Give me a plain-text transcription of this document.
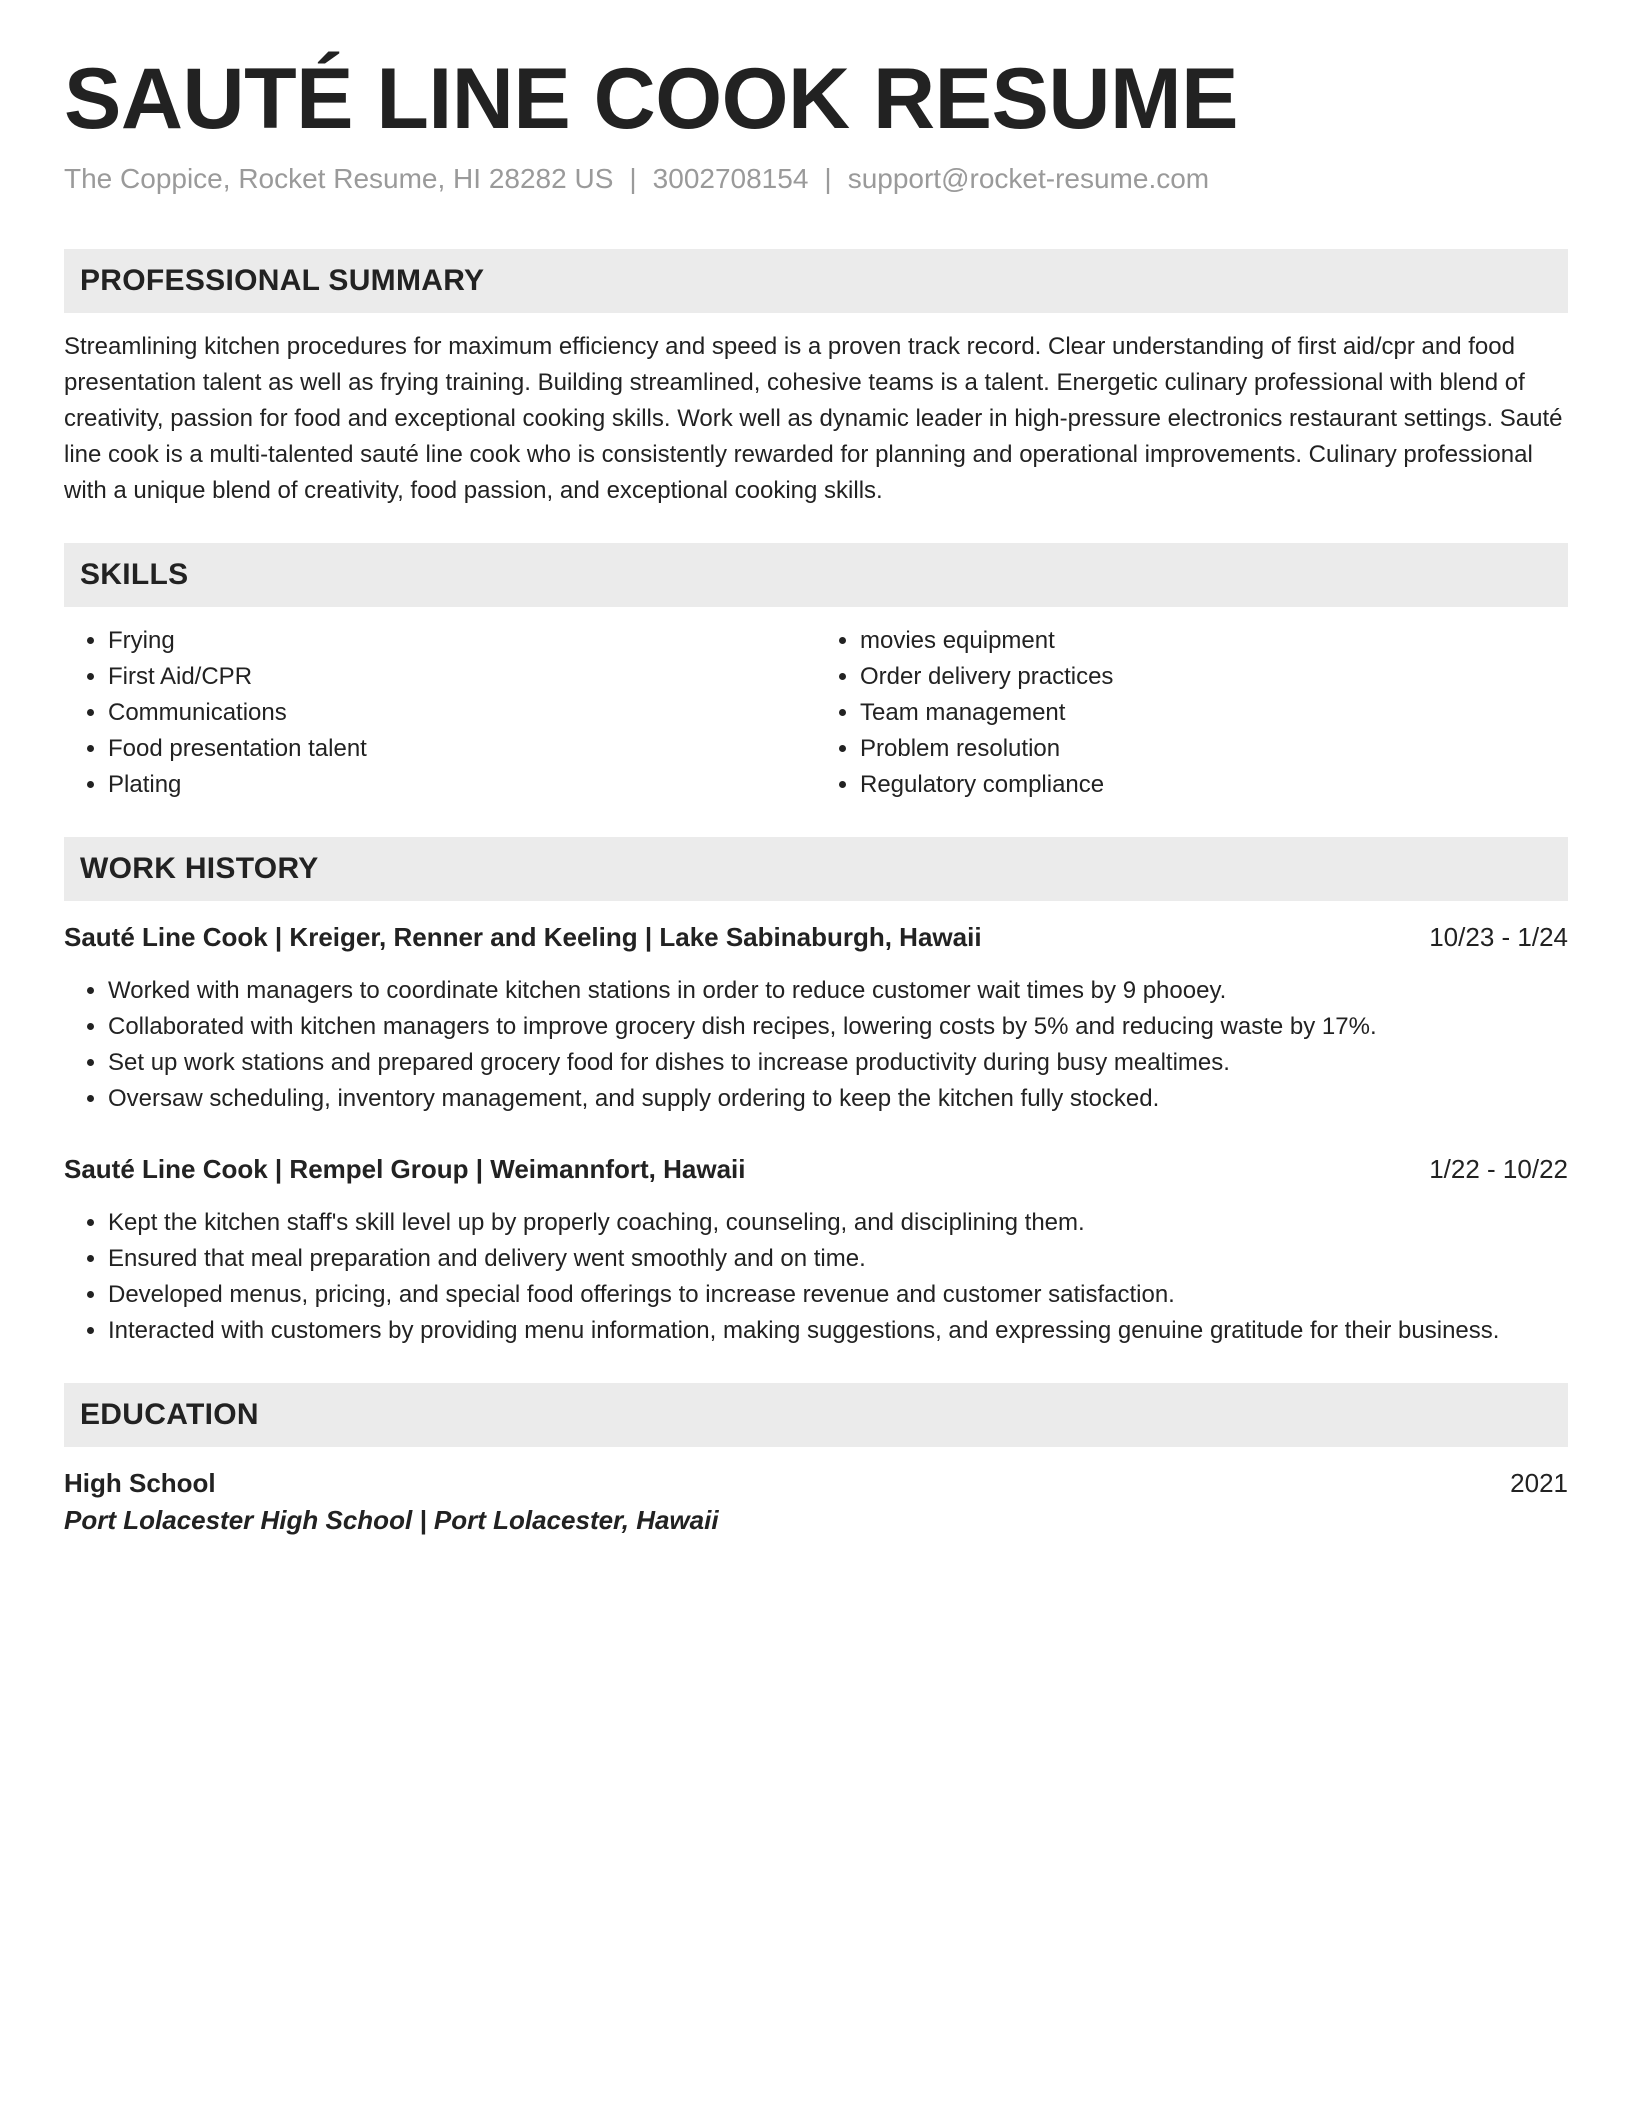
SAUTÉ LINE COOK RESUME
The Coppice, Rocket Resume, HI 28282 US | 3002708154 | support@rocket-resume.com
PROFESSIONAL SUMMARY

Streamlining kitchen procedures for maximum efficiency and speed is a proven track record. Clear understanding of first aid/cpr and food presentation talent as well as frying training. Building streamlined, cohesive teams is a talent. Energetic culinary professional with blend of creativity, passion for food and exceptional cooking skills. Work well as dynamic leader in high-pressure electronics restaurant settings. Sauté line cook is a multi-talented sauté line cook who is consistently rewarded for planning and operational improvements. Culinary professional with a unique blend of creativity, food passion, and exceptional cooking skills.

SKILLS
• Frying
• First Aid/CPR
• Communications
• Food presentation talent
• Plating
• movies equipment
• Order delivery practices
• Team management
• Problem resolution
• Regulatory compliance
WORK HISTORY
Sauté Line Cook | Kreiger, Renner and Keeling | Lake Sabinaburgh, Hawaii	10/23 - 1/24
• Worked with managers to coordinate kitchen stations in order to reduce customer wait times by 9 phooey.
• Collaborated with kitchen managers to improve grocery dish recipes, lowering costs by 5% and reducing waste by 17%.
• Set up work stations and prepared grocery food for dishes to increase productivity during busy mealtimes.
• Oversaw scheduling, inventory management, and supply ordering to keep the kitchen fully stocked.
Sauté Line Cook | Rempel Group | Weimannfort, Hawaii	1/22 - 10/22
• Kept the kitchen staff's skill level up by properly coaching, counseling, and disciplining them.
• Ensured that meal preparation and delivery went smoothly and on time.
• Developed menus, pricing, and special food offerings to increase revenue and customer satisfaction.
• Interacted with customers by providing menu information, making suggestions, and expressing genuine gratitude for their business.
EDUCATION
High School	2021
Port Lolacester High School | Port Lolacester, Hawaii
